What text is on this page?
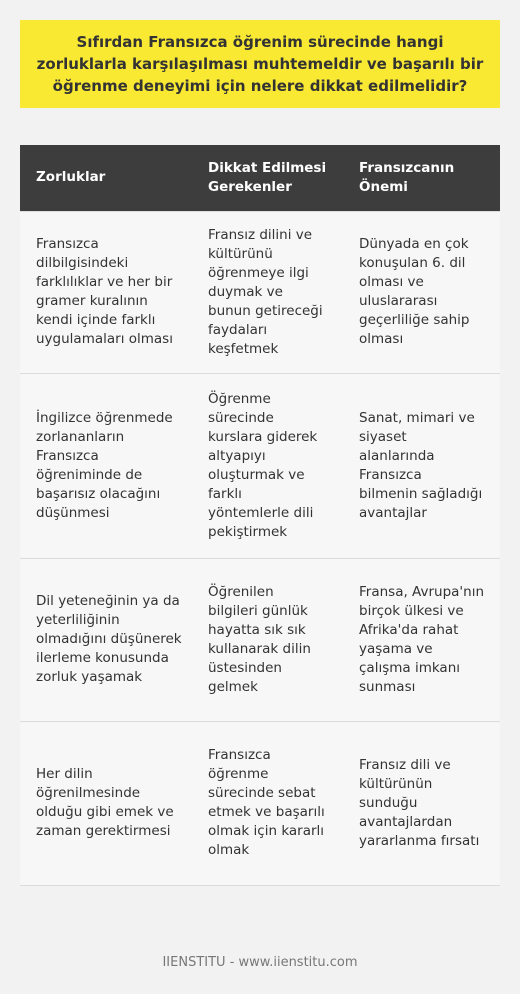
Sıfırdan Fransızca öğrenim sürecinde hangi zorluklarla karşılaşılması muhtemeldir ve başarılı bir öğrenme deneyimi için nelere dikkat edilmelidir?
Zorluklar	Dikkat Edilmesi Gerekenler	Fransızcanın Önemi
Fransızca dilbilgisindeki farklılıklar ve her bir gramer kuralının kendi içinde farklı uygulamaları olması	Fransız dilini ve kültürünü öğrenmeye ilgi duymak ve bunun getireceği faydaları keşfetmek	Dünyada en çok konuşulan 6. dil olması ve uluslararası geçerliliğe sahip olması
İngilizce öğrenmede zorlananların Fransızca öğreniminde de başarısız olacağını düşünmesi	Öğrenme sürecinde kurslara giderek altyapıyı oluşturmak ve farklı yöntemlerle dili pekiştirmek	Sanat, mimari ve siyaset alanlarında Fransızca bilmenin sağladığı avantajlar
Dil yeteneğinin ya da yeterliliğinin olmadığını düşünerek ilerleme konusunda zorluk yaşamak	Öğrenilen bilgileri günlük hayatta sık sık kullanarak dilin üstesinden gelmek	Fransa, Avrupa'nın birçok ülkesi ve Afrika'da rahat yaşama ve çalışma imkanı sunması
Her dilin öğrenilmesinde olduğu gibi emek ve zaman gerektirmesi	Fransızca öğrenme sürecinde sebat etmek ve başarılı olmak için kararlı olmak	Fransız dili ve kültürünün sunduğu avantajlardan yararlanma fırsatı
IIENSTITU - www.iienstitu.com
